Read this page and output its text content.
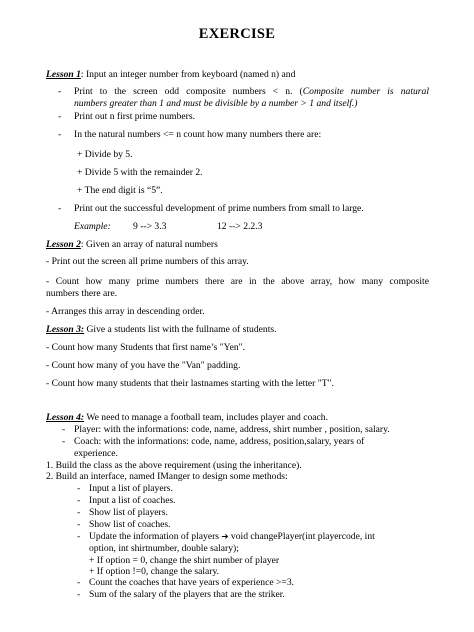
EXERCISE
Lesson 1: Input an integer number from keyboard (named n) and
- Print to the screen odd composite numbers < n. (Composite number is natural
numbers greater than 1 and must be divisible by a number > 1 and itself.)
- Print out n first prime numbers.
- In the natural numbers <= n count how many numbers there are:
+ Divide by 5.
+ Divide 5 with the remainder 2.
+ The end digit is “5”.
- Print out the successful development of prime numbers from small to large.
Example: 9 --> 3.3	12 --> 2.2.3
Lesson 2: Given an array of natural numbers
- Print out the screen all prime numbers of this array.
- Count how many prime numbers there are in the above array, how many composite
numbers there are.
- Arranges this array in descending order.
Lesson 3: Give a students list with the fullname of students.
- Count how many Students that first name’s "Yen".
- Count how many of you have the "Van" padding.
- Count how many students that their lastnames starting with the letter "T".
Lesson 4: We need to manage a football team, includes player and coach.
- Player: with the informations: code, name, address, shirt number , position, salary.
- Coach: with the informations: code, name, address, position,salary, years of
experience.
1. Build the class as the above requirement (using the inheritance).
2. Build an interface, named IManger to design some methods:
- Input a list of players.
- Input a list of coaches.
- Show list of players.
- Show list of coaches.
- Update the information of players ➔ void changePlayer(int playercode, int
option, int shirtnumber, double salary);
+ If option = 0, change the shirt number of player
+ If option !=0, change the salary.
- Count the coaches that have years of experience >=3.
- Sum of the salary of the players that are the striker.
